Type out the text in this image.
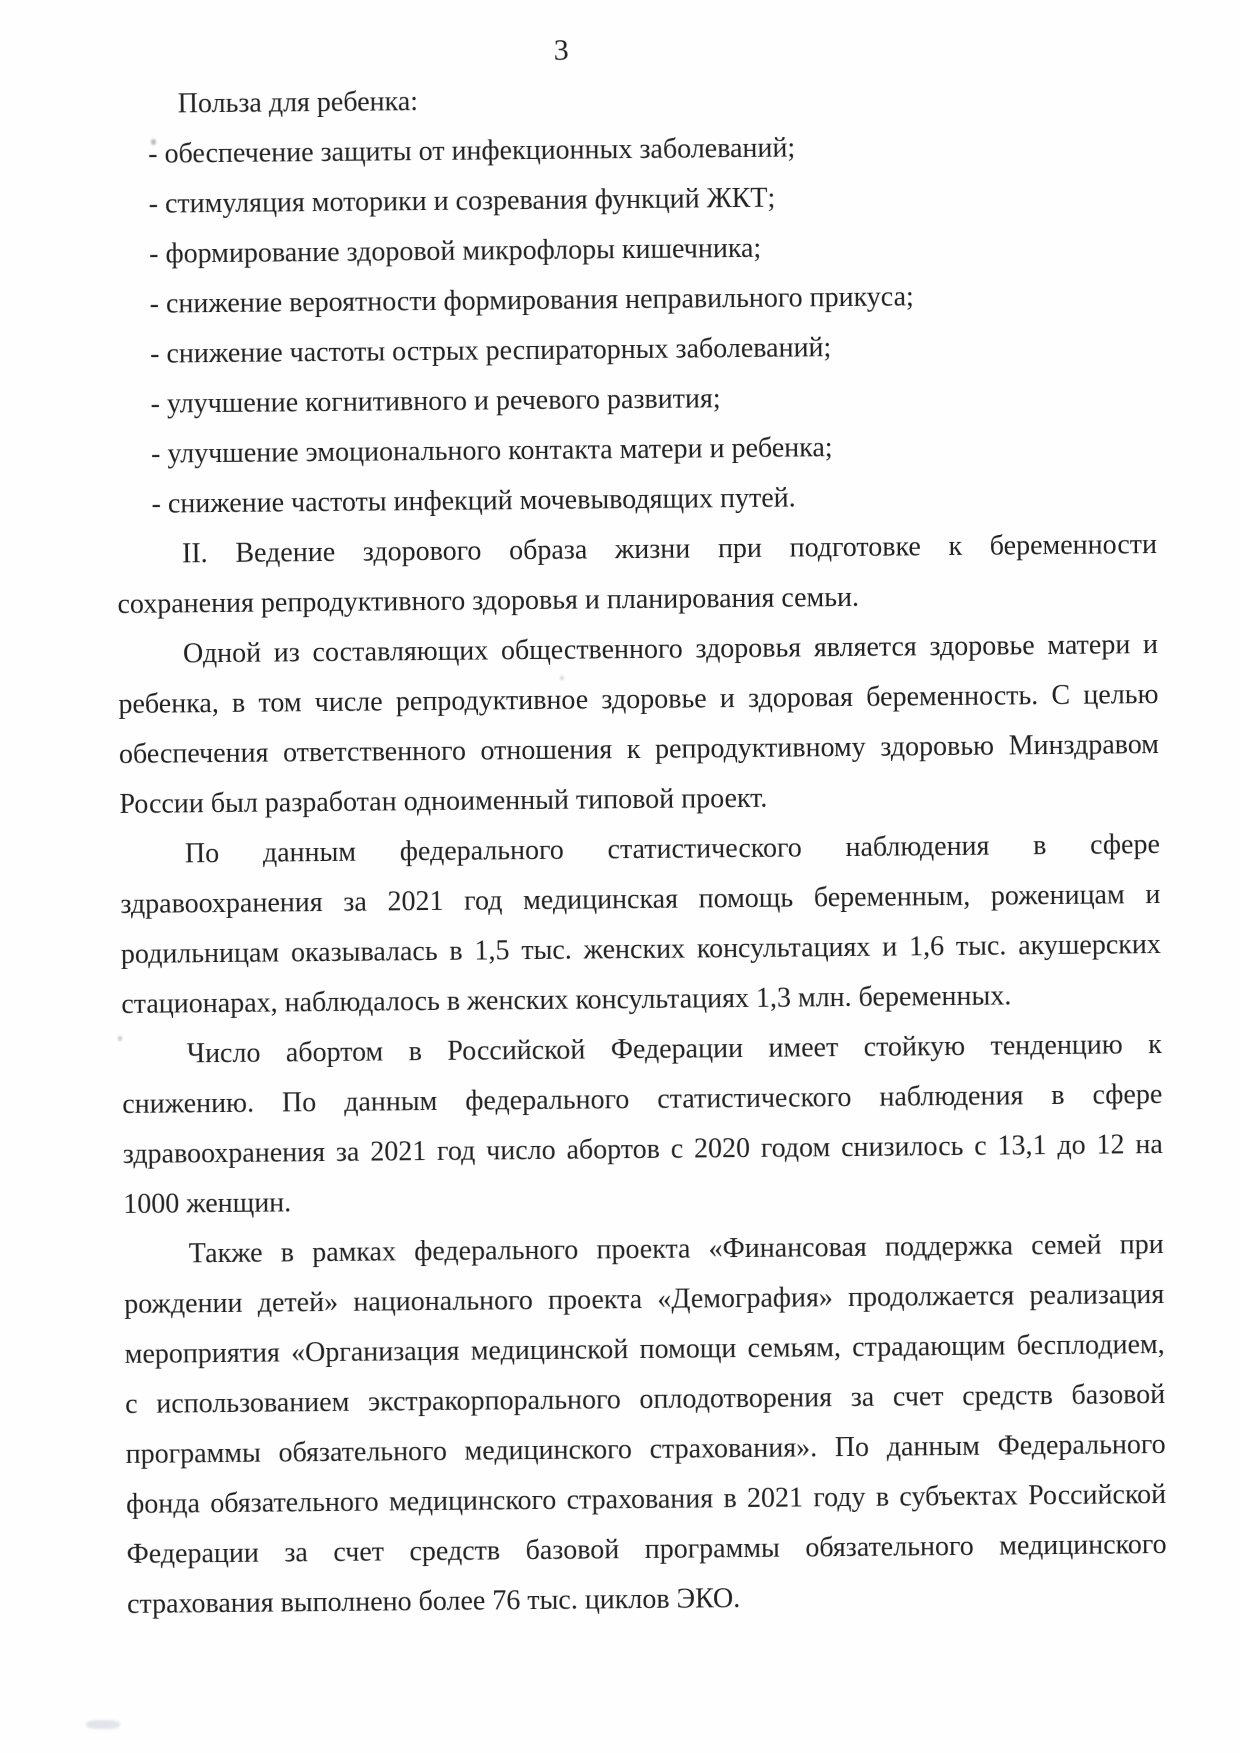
3
Польза для ребенка:
- обеспечение защиты от инфекционных заболеваний;
- стимуляция моторики и созревания функций ЖКТ;
- формирование здоровой микрофлоры кишечника;
- снижение вероятности формирования неправильного прикуса;
- снижение частоты острых респираторных заболеваний;
- улучшение когнитивного и речевого развития;
- улучшение эмоционального контакта матери и ребенка;
- снижение частоты инфекций мочевыводящих путей.
II. Ведение здорового образа жизни при подготовке к беременности
сохранения репродуктивного здоровья и планирования семьи.
Одной из составляющих общественного здоровья является здоровье матери и
ребенка, в том числе репродуктивное здоровье и здоровая беременность. С целью
обеспечения ответственного отношения к репродуктивному здоровью Минздравом
России был разработан одноименный типовой проект.
По данным федерального статистического наблюдения в сфере
здравоохранения за 2021 год медицинская помощь беременным, роженицам и
родильницам оказывалась в 1,5 тыс. женских консультациях и 1,6 тыс. акушерских
стационарах, наблюдалось в женских консультациях 1,3 млн. беременных.
Число абортом в Российской Федерации имеет стойкую тенденцию к
снижению. По данным федерального статистического наблюдения в сфере
здравоохранения за 2021 год число абортов с 2020 годом снизилось с 13,1 до 12 на
1000 женщин.
Также в рамках федерального проекта «Финансовая поддержка семей при
рождении детей» национального проекта «Демография» продолжается реализация
мероприятия «Организация медицинской помощи семьям, страдающим бесплодием,
с использованием экстракорпорального оплодотворения за счет средств базовой
программы обязательного медицинского страхования». По данным Федерального
фонда обязательного медицинского страхования в 2021 году в субъектах Российской
Федерации за счет средств базовой программы обязательного медицинского
страхования выполнено более 76 тыс. циклов ЭКО.
